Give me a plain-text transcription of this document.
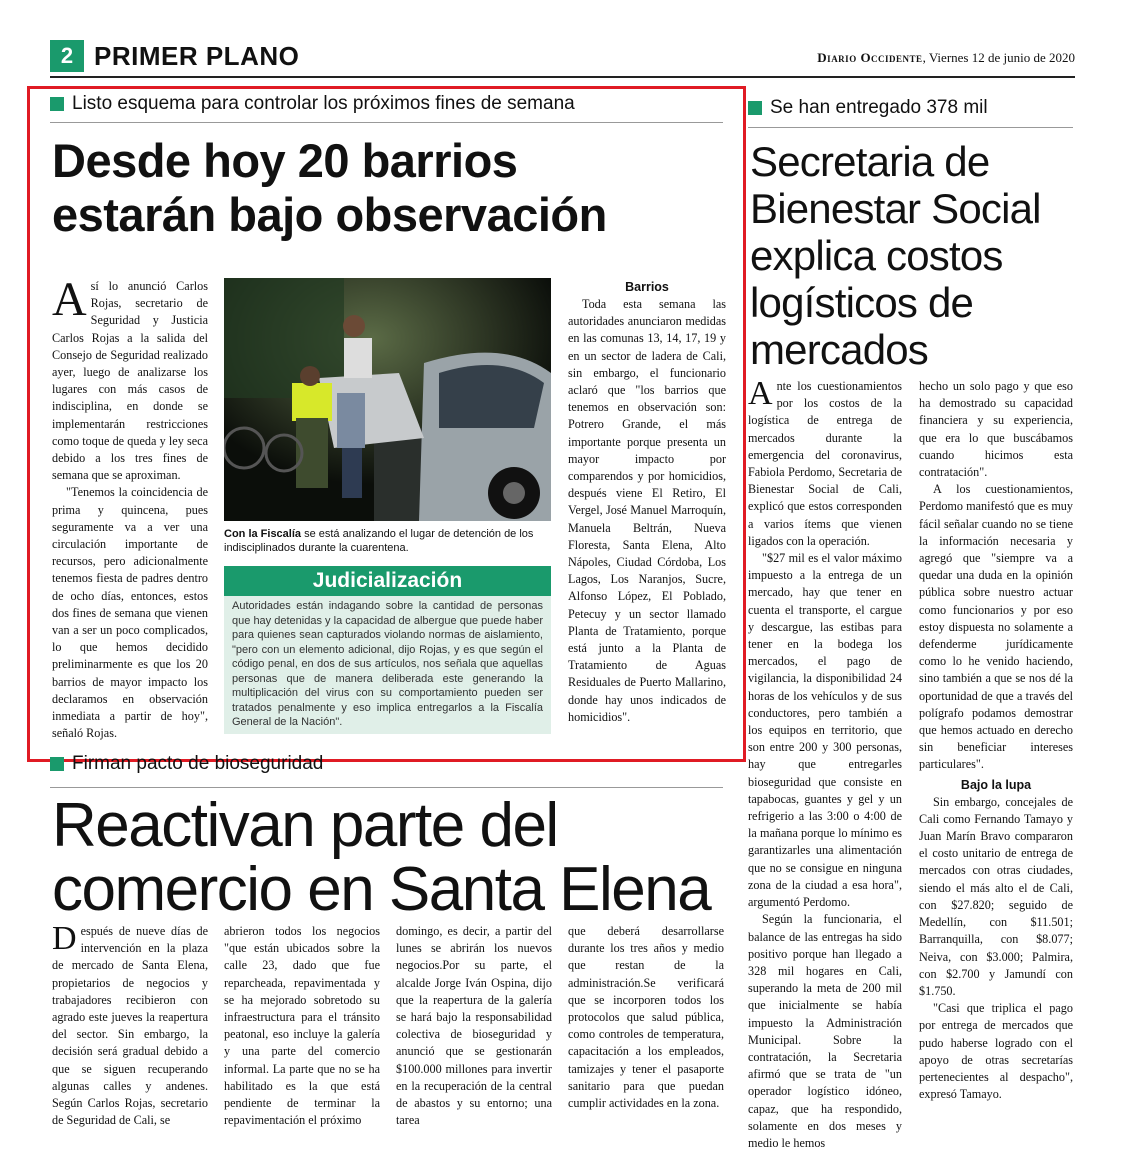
2 PRIMER PLANO	Diario Occidente, Viernes 12 de junio de 2020
Listo esquema para controlar los próximos fines de semana
Desde hoy 20 barrios
estarán bajo observación

Así lo anunció Carlos Rojas, secretario de Seguridad y Justicia Carlos Rojas a la salida del Consejo de Seguridad realizado ayer, luego de analizarse los lugares con más casos de indisciplina, en donde se implementarán restricciones como toque de queda y ley seca debido a los tres fines de semana que se aproximan.

"Tenemos la coincidencia de prima y quincena, pues seguramente va a ver una circulación importante de recursos, pero adicionalmente tenemos fiesta de padres dentro de ocho días, entonces, estos dos fines de semana que vienen van a ser un poco complicados, lo que hemos decidido preliminarmente es que los 20 barrios de mayor impacto los declaramos en observación inmediata a partir de hoy", señaló Rojas.

Con la Fiscalía se está analizando el lugar de detención de los indisciplinados durante la cuarentena.
Judicialización
Autoridades están indagando sobre la cantidad de personas que hay detenidas y la capacidad de albergue que puede haber para quienes sean capturados violando normas de aislamiento, "pero con un elemento adicional, dijo Rojas, y es que según el código penal, en dos de sus artículos, nos señala que aquellas personas que de manera deliberada este generando la multiplicación del virus con su comportamiento pueden ser tratados penalmente y eso implica entregarlos a la Fiscalía General de la Nación".
Barrios

Toda esta semana las autoridades anunciaron medidas en las comunas 13, 14, 17, 19 y en un sector de ladera de Cali, sin embargo, el funcionario aclaró que "los barrios que tenemos en observación son: Potrero Grande, el más importante porque presenta un mayor impacto por comparendos y por homicidios, después viene El Retiro, El Vergel, José Manuel Marroquín, Manuela Beltrán, Nueva Floresta, Santa Elena, Alto Nápoles, Ciudad Córdoba, Los Lagos, Los Naranjos, Sucre, Alfonso López, El Poblado, Petecuy y un sector llamado Planta de Tratamiento, porque está junto a la Planta de Tratamiento de Aguas Residuales de Puerto Mallarino, donde hay unos indicados de homicidios".

Firman pacto de bioseguridad
Reactivan parte del
comercio en Santa Elena

Después de nueve días de intervención en la plaza de mercado de Santa Elena, propietarios de negocios y trabajadores recibieron con agrado este jueves la reapertura del sector. Sin embargo, la decisión será gradual debido a que se siguen recuperando algunas calles y andenes. Según Carlos Rojas, secretario de Seguridad de Cali, se

abrieron todos los negocios "que están ubicados sobre la calle 23, dado que fue reparcheada, repavimentada y se ha mejorado sobretodo su infraestructura para el tránsito peatonal, eso incluye la galería y una parte del comercio informal. La parte que no se ha habilitado es la que está pendiente de terminar la repavimentación el próximo

domingo, es decir, a partir del lunes se abrirán los nuevos negocios.Por su parte, el alcalde Jorge Iván Ospina, dijo que la reapertura de la galería se hará bajo la responsabilidad colectiva de bioseguridad y anunció que se gestionarán $100.000 millones para invertir en la recuperación de la central de abastos y su entorno; una tarea

que deberá desarrollarse durante los tres años y medio que restan de la administración.Se verificará que se incorporen todos los protocolos que salud pública, como controles de temperatura, capacitación a los empleados, tamizajes y tener el pasaporte sanitario para que puedan cumplir actividades en la zona.

Se han entregado 378 mil
Secretaria de
Bienestar Social
explica costos
logísticos de
mercados

Ante los cuestionamientos por los costos de la logística de entrega de mercados durante la emergencia del coronavirus, Fabiola Perdomo, Secretaria de Bienestar Social de Cali, explicó que estos corresponden a varios ítems que vienen ligados con la operación.

"$27 mil es el valor máximo impuesto a la entrega de un mercado, hay que tener en cuenta el transporte, el cargue y descargue, las estibas para tener en la bodega los mercados, el pago de vigilancia, la disponibilidad 24 horas de los vehículos y de sus conductores, pero también a los equipos en territorio, que son entre 200 y 300 personas, hay que entregarles bioseguridad que consiste en tapabocas, guantes y gel y un refrigerio a las 3:00 o 4:00 de la mañana porque lo mínimo es garantizarles una alimentación que no se consigue en ninguna zona de la ciudad a esa hora", argumentó Perdomo.

Según la funcionaria, el balance de las entregas ha sido positivo porque han llegado a 328 mil hogares en Cali, superando la meta de 200 mil que inicialmente se había impuesto la Administración Municipal. Sobre la contratación, la Secretaria afirmó que se trata de "un operador logístico idóneo, capaz, que ha respondido, solamente en dos meses y medio le hemos

hecho un solo pago y que eso ha demostrado su capacidad financiera y su experiencia, que era lo que buscábamos cuando hicimos esta contratación".

A los cuestionamientos, Perdomo manifestó que es muy fácil señalar cuando no se tiene la información necesaria y agregó que "siempre va a quedar una duda en la opinión pública sobre nuestro actuar como funcionarios y por eso estoy dispuesta no solamente a defenderme jurídicamente como lo he venido haciendo, sino también a que se nos dé la oportunidad de que a través del polígrafo podamos demostrar que hemos actuado en derecho sin beneficiar intereses particulares".

Bajo la lupa

Sin embargo, concejales de Cali como Fernando Tamayo y Juan Marín Bravo compararon el costo unitario de entrega de mercados con otras ciudades, siendo el más alto el de Cali, con $27.820; seguido de Medellín, con $11.501; Barranquilla, con $8.077; Neiva, con $3.000; Palmira, con $2.700 y Jamundí con $1.750.

"Casi que triplica el pago por entrega de mercados que pudo haberse logrado con el apoyo de otras secretarías pertenecientes al despacho", expresó Tamayo.
